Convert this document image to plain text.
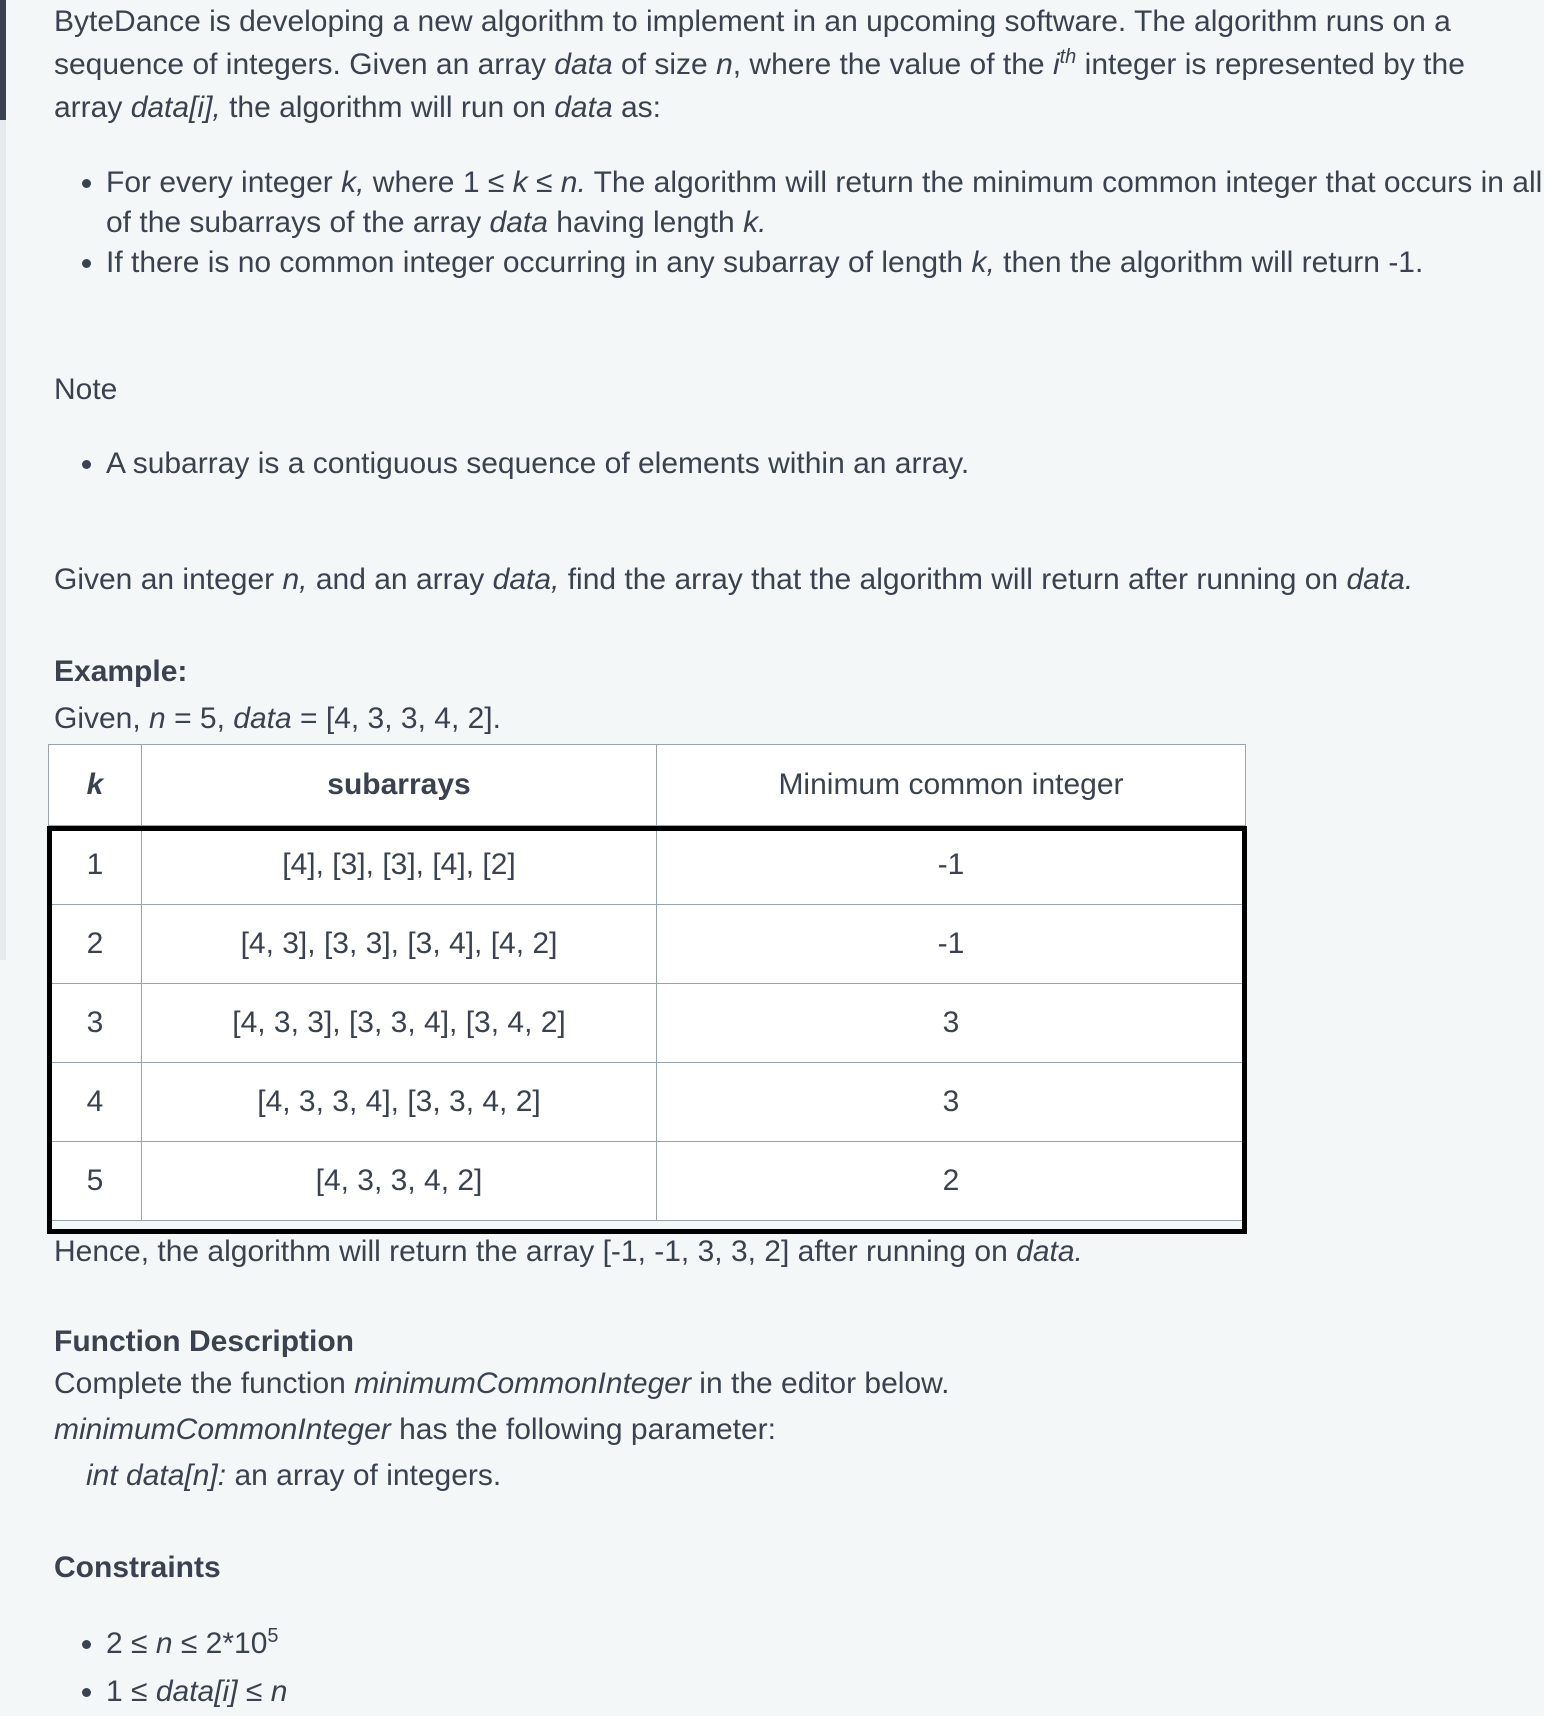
ByteDance is developing a new algorithm to implement in an upcoming software. The algorithm runs on a sequence of integers. Given an array data of size n, where the value of the $i^{th}$ integer is represented by the array data[i], the algorithm will run on data as:

• For every integer k, where 1 ≤ k ≤ n. The algorithm will return the minimum common integer that occurs in all of the subarrays of the array data having length k.
• If there is no common integer occurring in any subarray of length k, then the algorithm will return -1.

Note

• A subarray is a contiguous sequence of elements within an array.

Given an integer n, and an array data, find the array that the algorithm will return after running on data.

Example:

Given, n = 5, data = [4, 3, 3, 4, 2].

Hence, the algorithm will return the array [-1, -1, 3, 3, 2] after running on data.

Function Description

Complete the function minimumCommonInteger in the editor below.

minimumCommonInteger has the following parameter:

int data[n]: an array of integers.

Constraints

• $2 \le n \le 2*10^5$
• 1 ≤ data[i] ≤ n
k	subarrays	Minimum common integer
1	[4], [3], [3], [4], [2]	-1
2	[4, 3], [3, 3], [3, 4], [4, 2]	-1
3	[4, 3, 3], [3, 3, 4], [3, 4, 2]	3
4	[4, 3, 3, 4], [3, 3, 4, 2]	3
5	[4, 3, 3, 4, 2]	2
